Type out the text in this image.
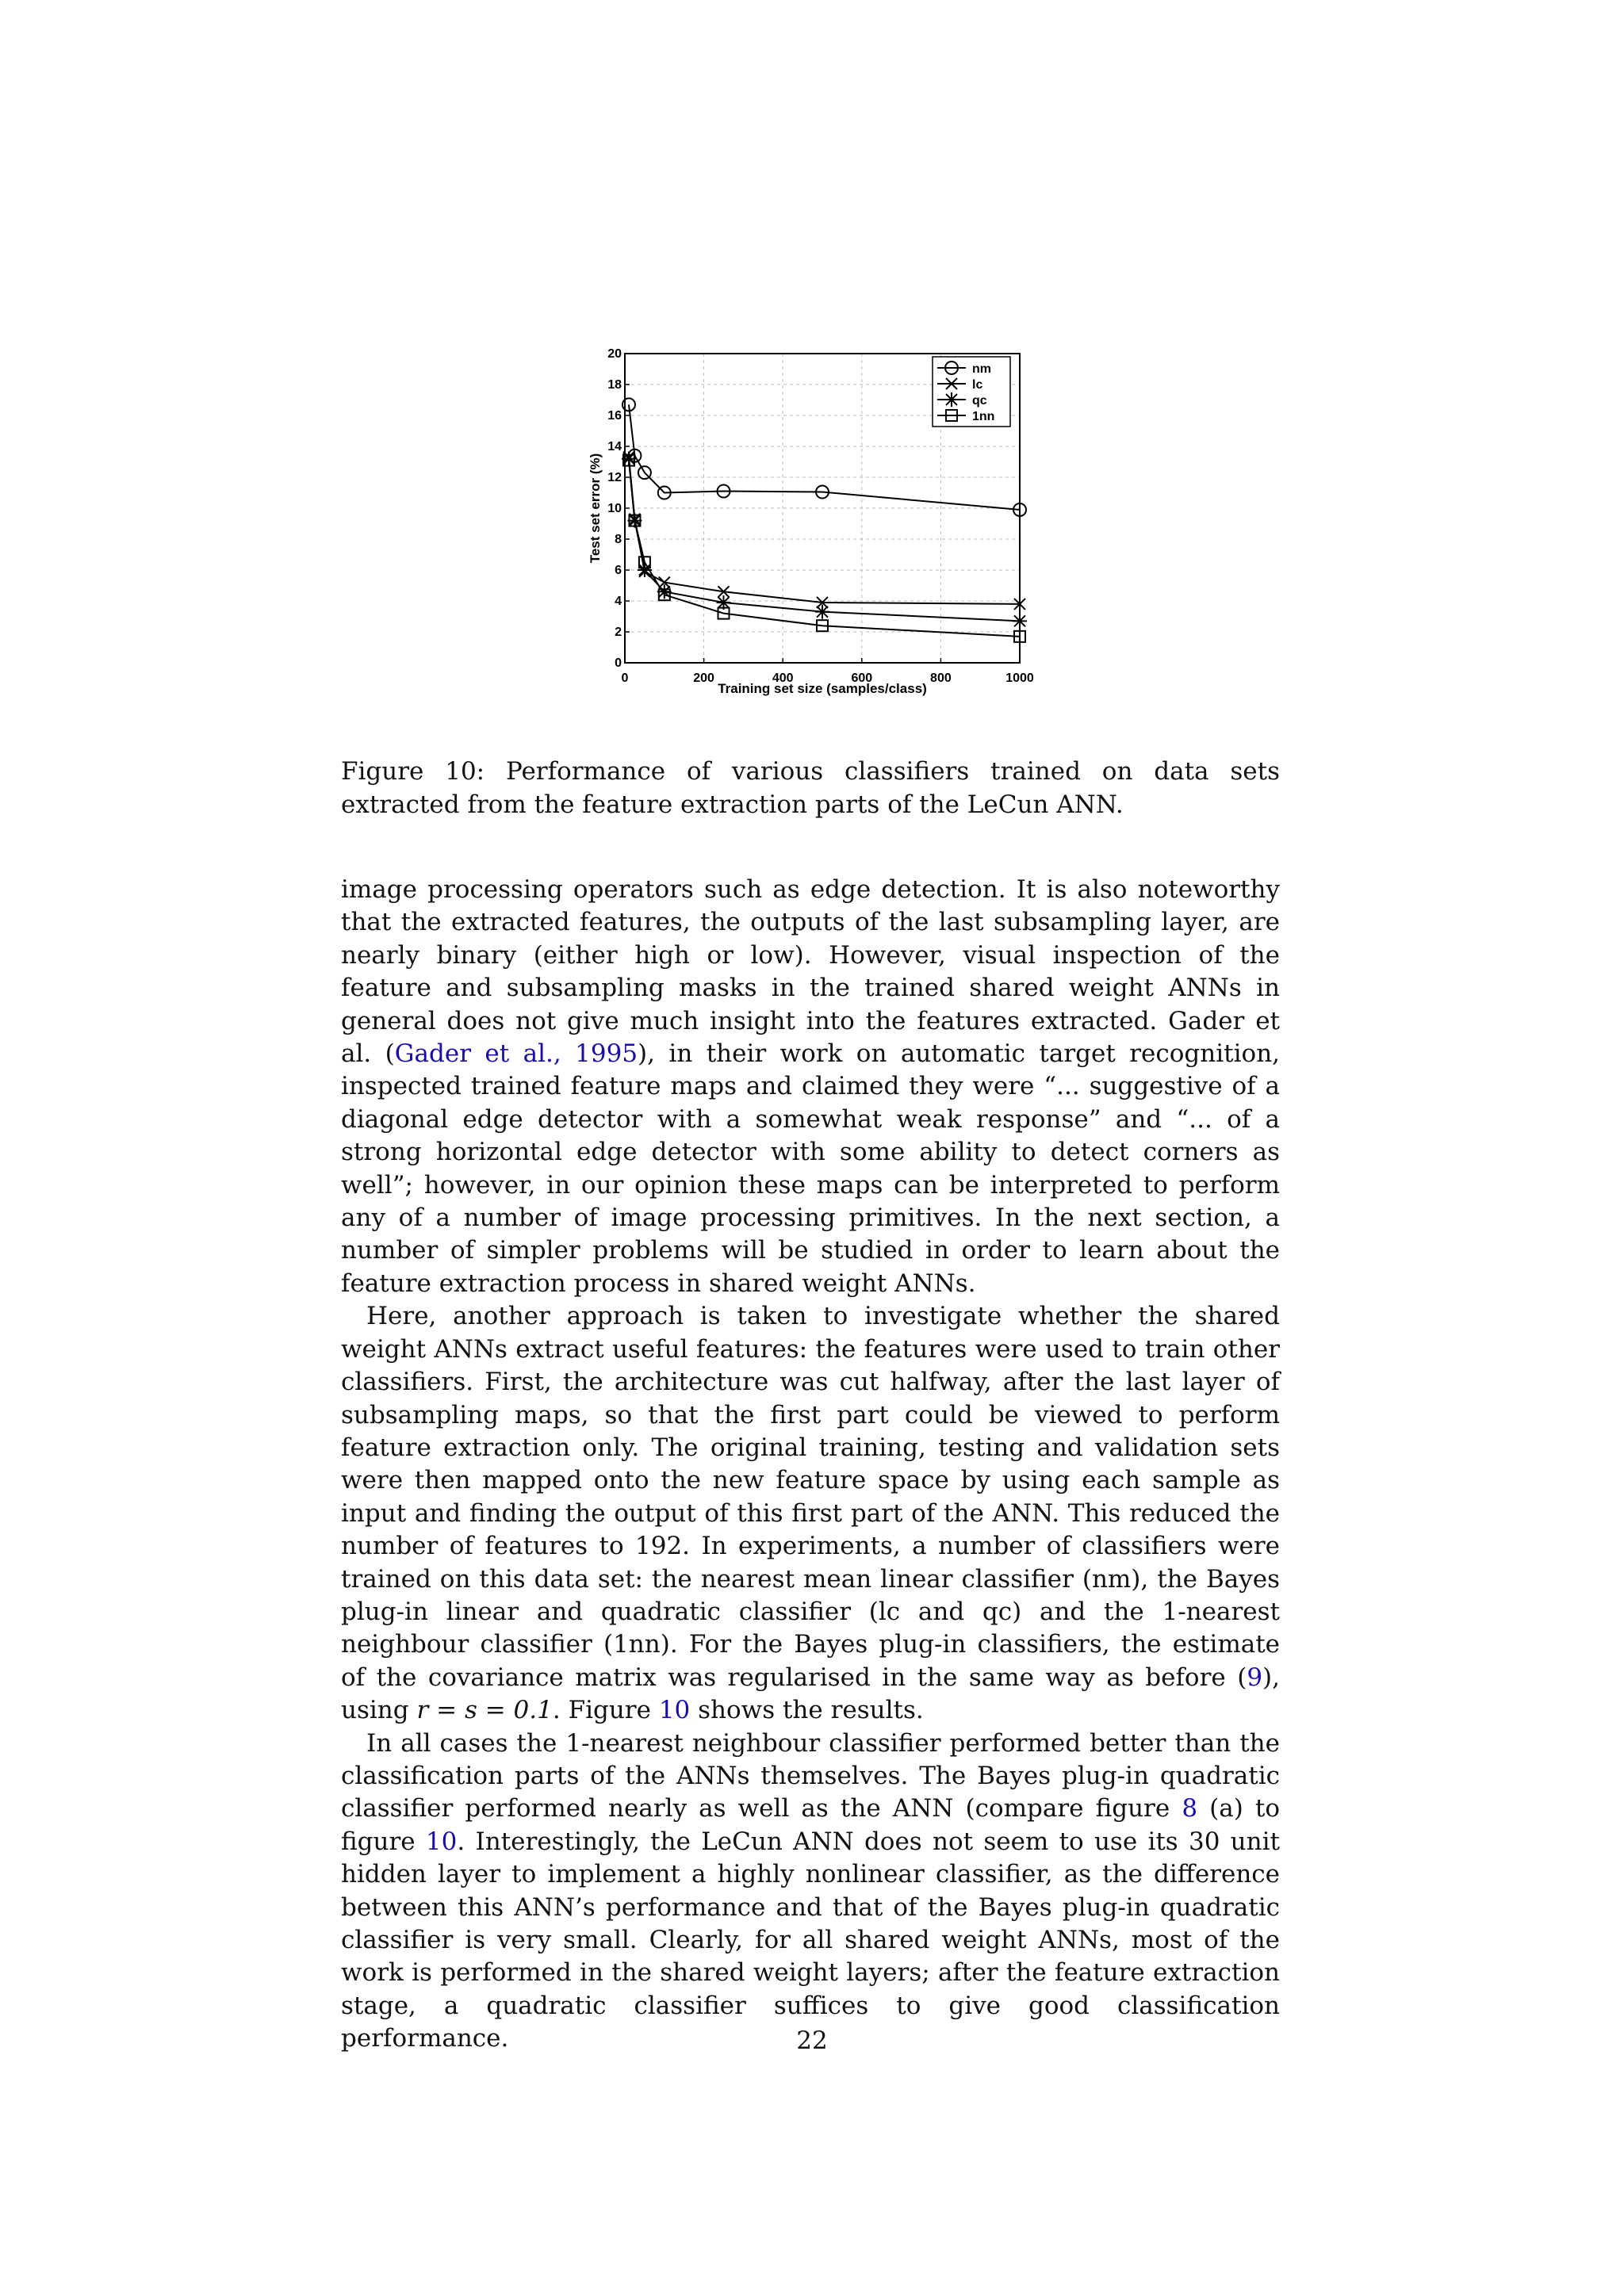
0	200	400	600	800	1000
0
2
4
6
8
10
12
14
16
18
20
Training set size (samples/class)
Test set error (%)
nm
lc
qc
1nn
Figure 10: Performance of various classifiers trained on data sets extracted from the feature extraction parts of the LeCun ANN.

image processing operators such as edge detection. It is also noteworthy that the extracted features, the outputs of the last subsampling layer, are nearly binary (either high or low). However, visual inspection of the feature and subsampling masks in the trained shared weight ANNs in general does not give much insight into the features extracted. Gader et al. (Gader et al., 1995), in their work on automatic target recognition, inspected trained feature maps and claimed they were “... suggestive of a diagonal edge detector with a somewhat weak response” and “... of a strong horizontal edge detector with some ability to detect corners as well”; however, in our opinion these maps can be interpreted to perform any of a number of image processing primitives. In the next section, a number of simpler problems will be studied in order to learn about the feature extraction process in shared weight ANNs.

Here, another approach is taken to investigate whether the shared weight ANNs extract useful features: the features were used to train other classifiers. First, the architecture was cut halfway, after the last layer of subsampling maps, so that the first part could be viewed to perform feature extraction only. The original training, testing and validation sets were then mapped onto the new feature space by using each sample as input and finding the output of this first part of the ANN. This reduced the number of features to 192. In experiments, a number of classifiers were trained on this data set: the nearest mean linear classifier (nm), the Bayes plug-in linear and quadratic classifier (lc and qc) and the 1-nearest neighbour classifier (1nn). For the Bayes plug-in classifiers, the estimate of the covariance matrix was regularised in the same way as before (9), using r = s = 0.1. Figure 10 shows the results.

In all cases the 1-nearest neighbour classifier performed better than the classification parts of the ANNs themselves. The Bayes plug-in quadratic classifier performed nearly as well as the ANN (compare figure 8 (a) to figure 10. Interestingly, the LeCun ANN does not seem to use its 30 unit hidden layer to implement a highly nonlinear classifier, as the difference between this ANN’s performance and that of the Bayes plug-in quadratic classifier is very small. Clearly, for all shared weight ANNs, most of the work is performed in the shared weight layers; after the feature extraction stage, a quadratic classifier suffices to give good classification performance.	22
